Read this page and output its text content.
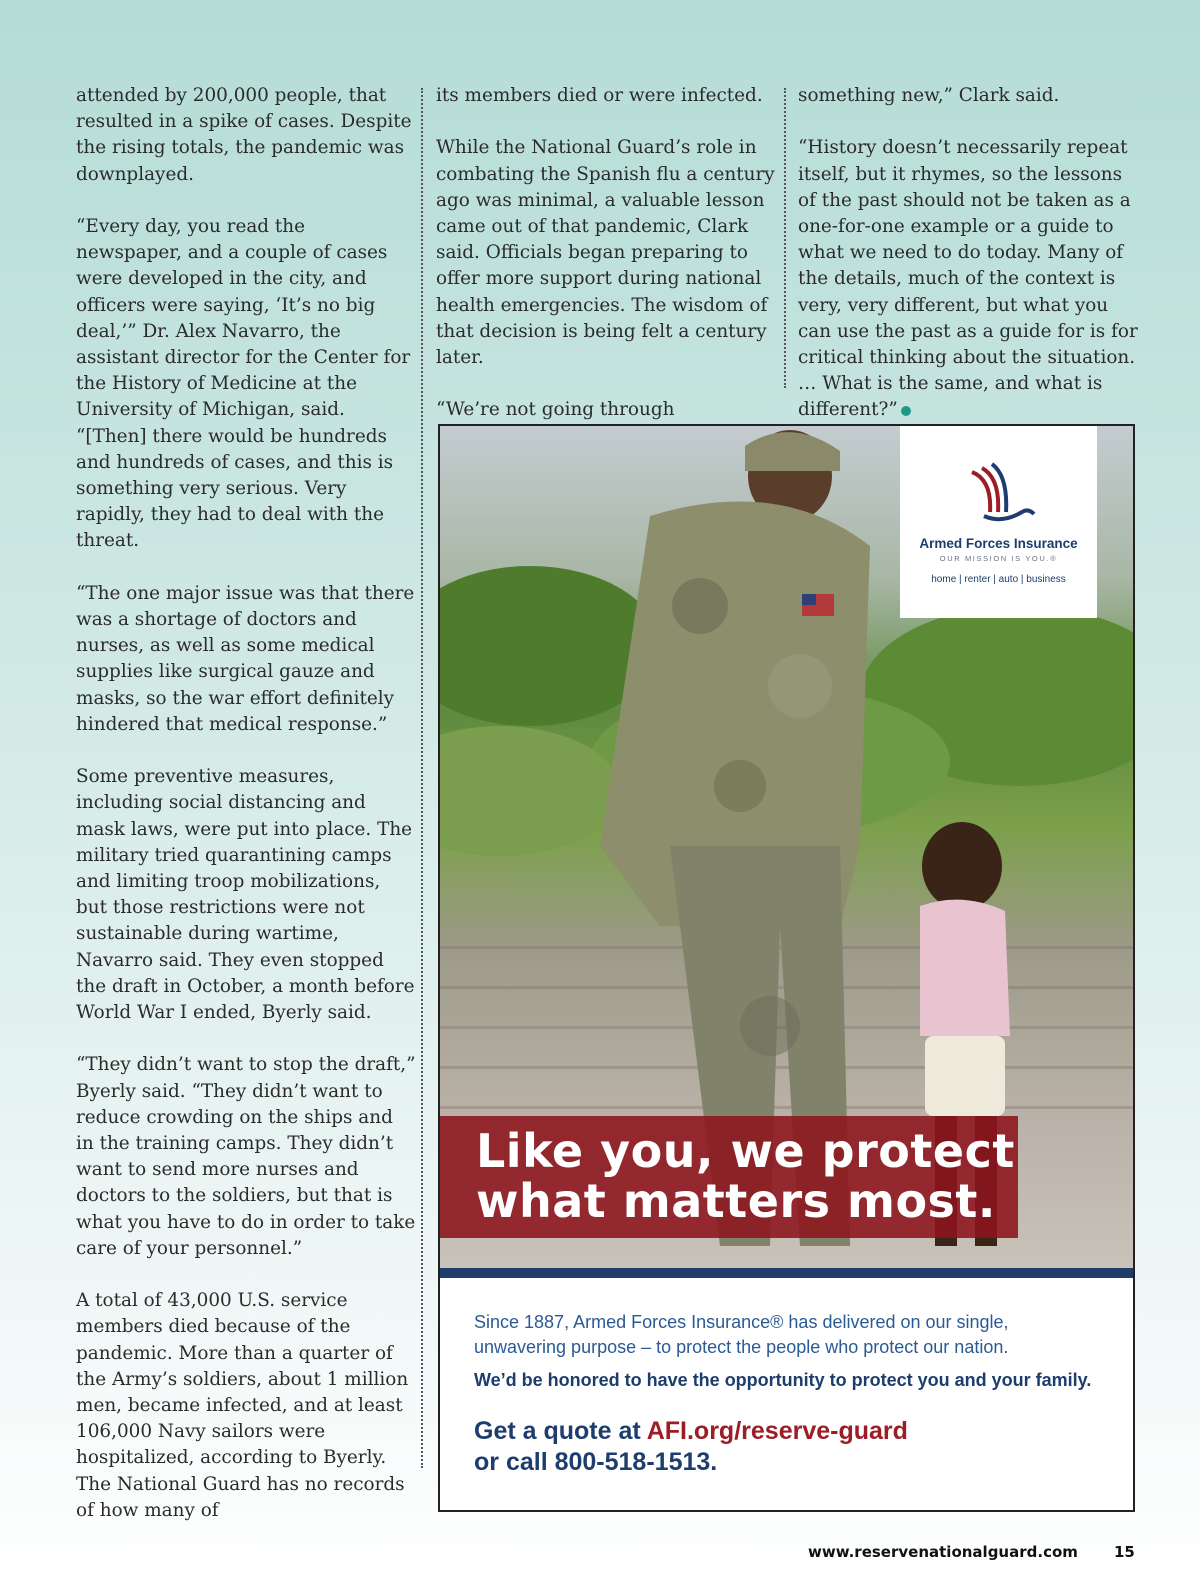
attended by 200,000 people, that resulted in a spike of cases. Despite the rising totals, the pandemic was downplayed.

“Every day, you read the newspaper, and a couple of cases were developed in the city, and officers were saying, ‘It’s no big deal,’” Dr. Alex Navarro, the assistant director for the Center for the History of Medicine at the University of Michigan, said. “[Then] there would be hundreds and hundreds of cases, and this is something very serious. Very rapidly, they had to deal with the threat.

“The one major issue was that there was a shortage of doctors and nurses, as well as some medical supplies like surgical gauze and masks, so the war effort definitely hindered that medical response.”

Some preventive measures, including social distancing and mask laws, were put into place. The military tried quarantining camps and limiting troop mobilizations, but those restrictions were not sustainable during wartime, Navarro said. They even stopped the draft in October, a month before World War I ended, Byerly said.

“They didn’t want to stop the draft,” Byerly said. “They didn’t want to reduce crowding on the ships and in the training camps. They didn’t want to send more nurses and doctors to the soldiers, but that is what you have to do in order to take care of your personnel.”

A total of 43,000 U.S. service members died because of the pandemic. More than a quarter of the Army’s soldiers, about 1 million men, became infected, and at least 106,000 Navy sailors were hospitalized, according to Byerly. The National Guard has no records of how many of

its members died or were infected.

While the National Guard’s role in combating the Spanish flu a century ago was minimal, a valuable lesson came out of that pandemic, Clark said. Officials began preparing to offer more support during national health emergencies. The wisdom of that decision is being felt a century later.

“We’re not going through

something new,” Clark said.

“History doesn’t necessarily repeat itself, but it rhymes, so the lessons of the past should not be taken as a one-for-one example or a guide to what we need to do today. Many of the details, much of the context is very, very different, but what you can use the past as a guide for is for critical thinking about the situation. … What is the same, and what is different?”

Like you, we protect
what matters most.
Armed Forces Insurance
OUR MISSION IS YOU.®
home | renter | auto | business
Since 1887, Armed Forces Insurance® has delivered on our single, unwavering purpose – to protect the people who protect our nation.
We’d be honored to have the opportunity to protect you and your family.
Get a quote at AFI.org/reserve-guard
or call 800-518-1513.
www.reservenationalguard.com 15
